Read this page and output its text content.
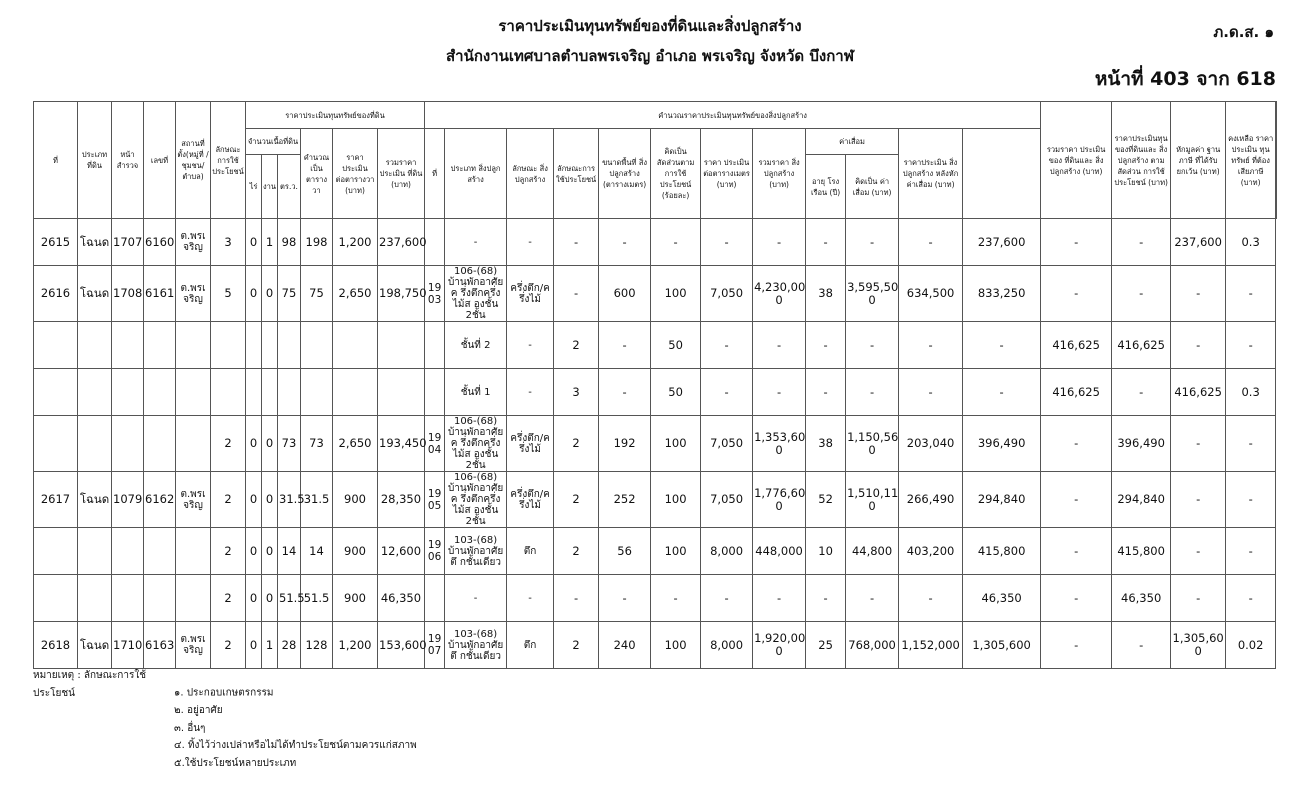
ราคาประเมินทุนทรัพย์ของที่ดินและสิ่งปลูกสร้าง
สำนักงานเทศบาลตำบลพรเจริญ อำเภอ พรเจริญ จังหวัด บึงกาฬ
ภ.ด.ส. ๑
หน้าที่ 403 จาก 618
ที่	ประเภท ที่ดิน	หน้า สำรวจ	เลขที่	สถานที่ตั้ง(หมู่ที่ /ชุมชน/ ตำบล)	ลักษณะ การใช้ ประโยชน์	ราคาประเมินทุนทรัพย์ของที่ดิน						คำนวณราคาประเมินทุนทรัพย์ของสิ่งปลูกสร้าง												รวมราคา ประเมินของ ที่ดินและ สิ่งปลูกสร้าง (บาท)	ราคาประเมินทุน ของที่ดินและ สิ่งปลูกสร้าง ตามสัดส่วน การใช้ประโยชน์ (บาท)	หักมูลค่า ฐานภาษี ที่ได้รับ ยกเว้น (บาท)	คงเหลือ ราคาประเมิน ทุนทรัพย์ ที่ต้องเสียภาษี (บาท)	
						จำนวนเนื้อที่ดิน			คำนวณ เป็น ตารางวา	ราคา ประเมิน ต่อตารางวา (บาท)	รวมราคา ประเมิน ที่ดิน (บาท)	ที่	ประเภท สิ่งปลูกสร้าง	ลักษณะ สิ่งปลูกสร้าง	ลักษณะการ ใช้ประโยชน์	ขนาดพื้นที่ สิ่งปลูกสร้าง (ตารางเมตร)	คิดเป็น สัดส่วนตาม การใช้ ประโยชน์ (ร้อยละ)	ราคา ประเมิน ต่อตารางเมตร (บาท)	รวมราคา สิ่งปลูกสร้าง (บาท)	ค่าเสื่อม		ราคาประเมิน สิ่งปลูกสร้าง หลังหัก ค่าเสื่อม (บาท)						
						ไร่	งาน	ตร.ว.												อายุ โรงเรือน (ปี)	คิดเป็น ค่าเสื่อม (บาท)							
2615	โฉนด	1707	6160	ต.พรเ จริญ	3	0	1	98	198	1,200	237,600		-	-	-	-	-	-	-	-	-	-	237,600	-	-	237,600	0.3	
2616	โฉนด	1708	6161	ต.พรเ จริญ	5	0	0	75	75	2,650	198,750	19 03	106-(68) บ้านพักอาศัยค รึ่งตึกครึ่งไม้ส องชั้น 2ชั้น	ครึ่งตึก/ค รึ่งไม้	-	600	100	7,050	4,230,00 0	38	3,595,50 0	634,500	833,250	-	-	-	-	
													ชั้นที่ 2	-	2	-	50	-	-	-	-	-	-	416,625	416,625	-	-	
													ชั้นที่ 1	-	3	-	50	-	-	-	-	-	-	416,625	-	416,625	0.3	
					2	0	0	73	73	2,650	193,450	19 04	106-(68) บ้านพักอาศัยค รึ่งตึกครึ่งไม้ส องชั้น 2ชั้น	ครึ่งตึก/ค รึ่งไม้	2	192	100	7,050	1,353,60 0	38	1,150,56 0	203,040	396,490	-	396,490	-	-	
2617	โฉนด	1079	6162	ต.พรเ จริญ	2	0	0	31.5	31.5	900	28,350	19 05	106-(68) บ้านพักอาศัยค รึ่งตึกครึ่งไม้ส องชั้น 2ชั้น	ครึ่งตึก/ค รึ่งไม้	2	252	100	7,050	1,776,60 0	52	1,510,11 0	266,490	294,840	-	294,840	-	-	
					2	0	0	14	14	900	12,600	19 06	103-(68) บ้านพักอาศัยตึ กชั้นเดียว	ตึก	2	56	100	8,000	448,000	10	44,800	403,200	415,800	-	415,800	-	-	
					2	0	0	51.5	51.5	900	46,350		-	-	-	-	-	-	-	-	-	-	46,350	-	46,350	-	-	
2618	โฉนด	1710	6163	ต.พรเ จริญ	2	0	1	28	128	1,200	153,600	19 07	103-(68) บ้านพักอาศัยตึ กชั้นเดียว	ตึก	2	240	100	8,000	1,920,00 0	25	768,000	1,152,000	1,305,600	-	-	1,305,60 0	0.02	
หมายเหตุ : ลักษณะการใช้ประโยชน์	๑. ประกอบเกษตรกรรม
๒. อยู่อาศัย
๓. อื่นๆ
๔. ทิ้งไว้ว่างเปล่าหรือไม่ได้ทำประโยชน์ตามควรแก่สภาพ
๕.ใช้ประโยชน์หลายประเภท
